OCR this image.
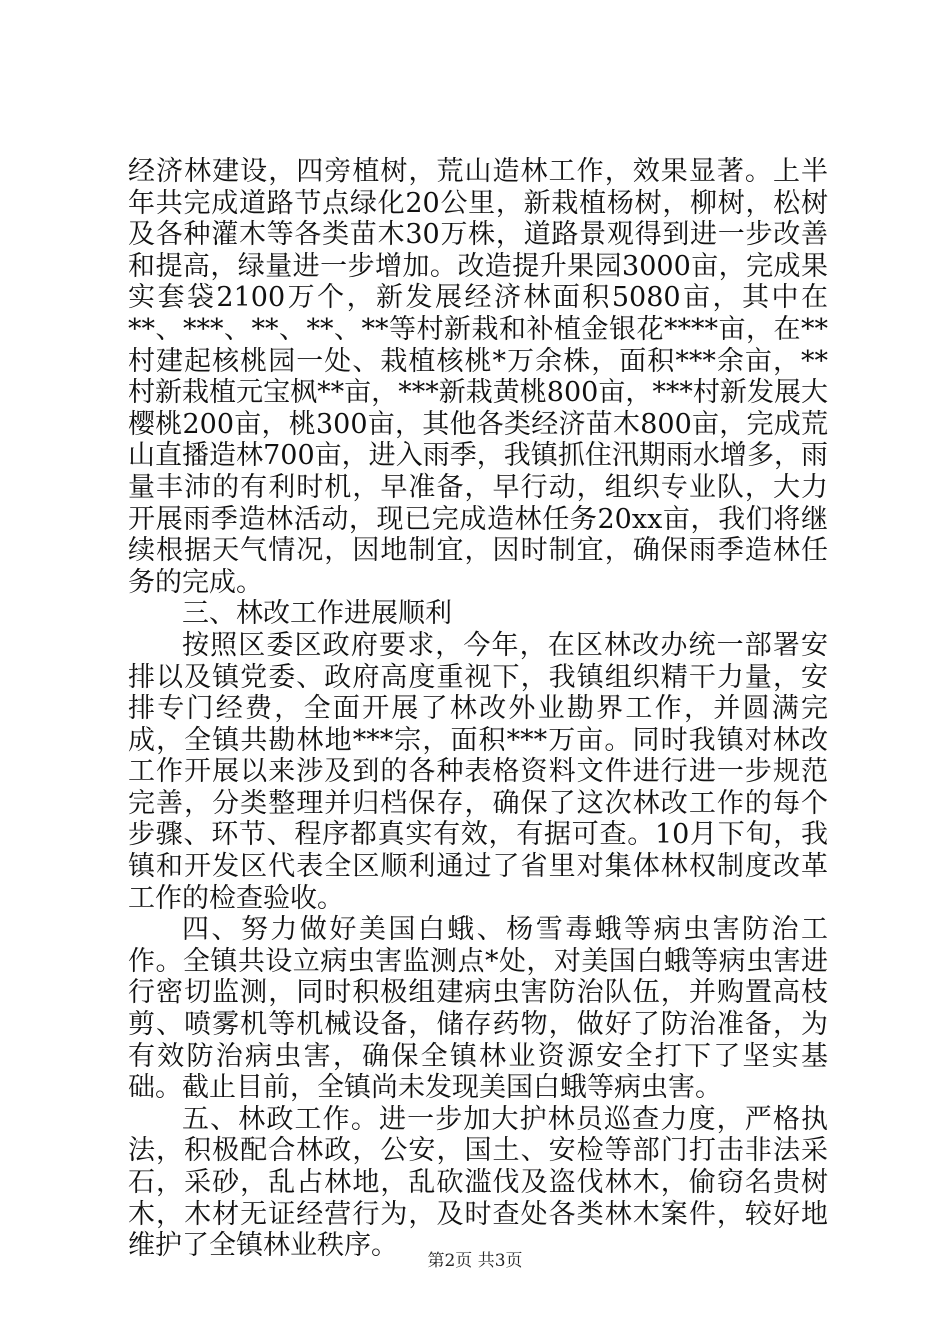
经济林建设，四旁植树，荒山造林工作，效果显著。上半年共完成道路节点绿化20公里，新栽植杨树，柳树，松树及各种灌木等各类苗木30万株，道路景观得到进一步改善和提高，绿量进一步增加。改造提升果园3000亩，完成果实套袋2100万个，新发展经济林面积5080亩，其中在**、***、**、**、**等村新栽和补植金银花****亩，在**村建起核桃园一处、栽植核桃*万余株，面积***余亩，**村新栽植元宝枫**亩，***新栽黄桃800亩，***村新发展大樱桃200亩，桃300亩，其他各类经济苗木800亩，完成荒山直播造林700亩，进入雨季，我镇抓住汛期雨水增多，雨量丰沛的有利时机，早准备，早行动，组织专业队，大力开展雨季造林活动，现已完成造林任务20xx亩，我们将继续根据天气情况，因地制宜，因时制宜，确保雨季造林任务的完成。

三、林改工作进展顺利

按照区委区政府要求，今年，在区林改办统一部署安排以及镇党委、政府高度重视下，我镇组织精干力量，安排专门经费，全面开展了林改外业勘界工作，并圆满完成，全镇共勘林地***宗，面积***万亩。同时我镇对林改工作开展以来涉及到的各种表格资料文件进行进一步规范完善，分类整理并归档保存，确保了这次林改工作的每个步骤、环节、程序都真实有效，有据可查。10月下旬，我镇和开发区代表全区顺利通过了省里对集体林权制度改革工作的检查验收。

四、努力做好美国白蛾、杨雪毒蛾等病虫害防治工作。全镇共设立病虫害监测点*处，对美国白蛾等病虫害进行密切监测，同时积极组建病虫害防治队伍，并购置高枝剪、喷雾机等机械设备，储存药物，做好了防治准备，为有效防治病虫害，确保全镇林业资源安全打下了坚实基础。截止目前，全镇尚未发现美国白蛾等病虫害。

五、林政工作。进一步加大护林员巡查力度，严格执法，积极配合林政，公安，国土、安检等部门打击非法采石，采砂，乱占林地，乱砍滥伐及盗伐林木，偷窃名贵树木，木材无证经营行为，及时查处各类林木案件，较好地维护了全镇林业秩序。	第2页 共3页
